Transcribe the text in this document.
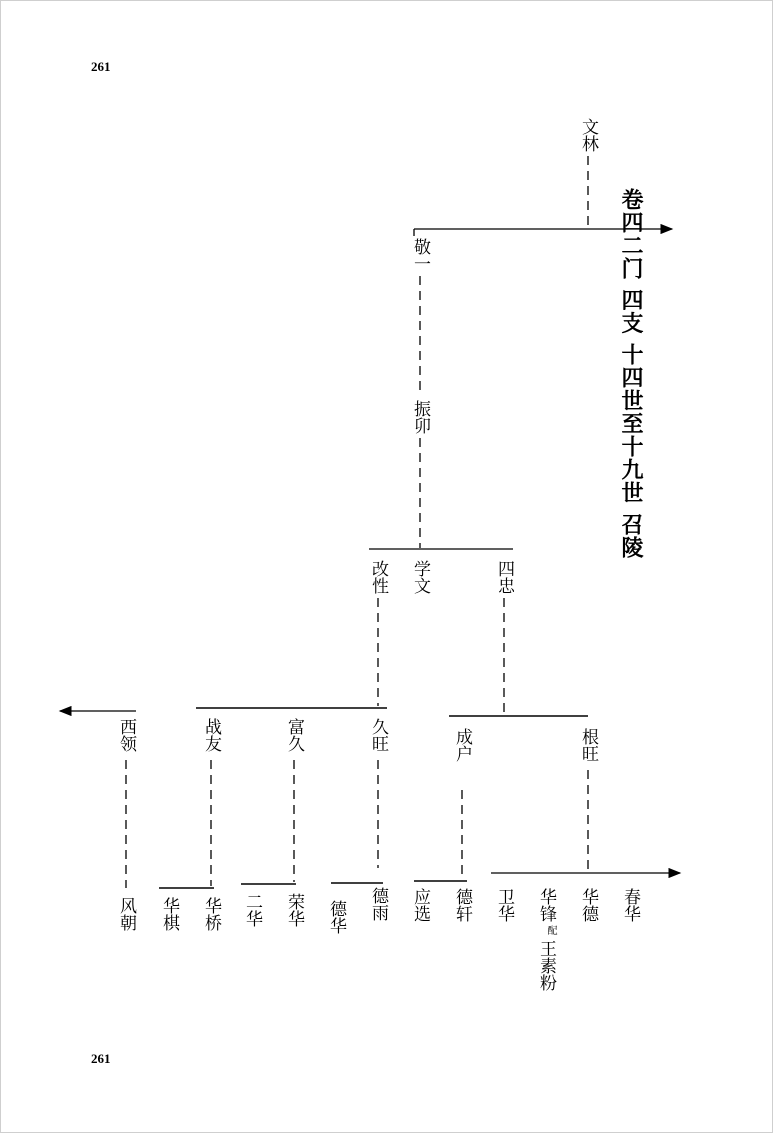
261
261
卷四二门 四支 十四世至十九世 召陵
文林
敬一
振卯
改性 学文	四忠
西领	战友	富久	久旺	成户	根旺
风朝 华棋 华桥 二华 荣华 德华 德雨 应选 德轩 卫华 华锋
配
王素粉
华德 春华
